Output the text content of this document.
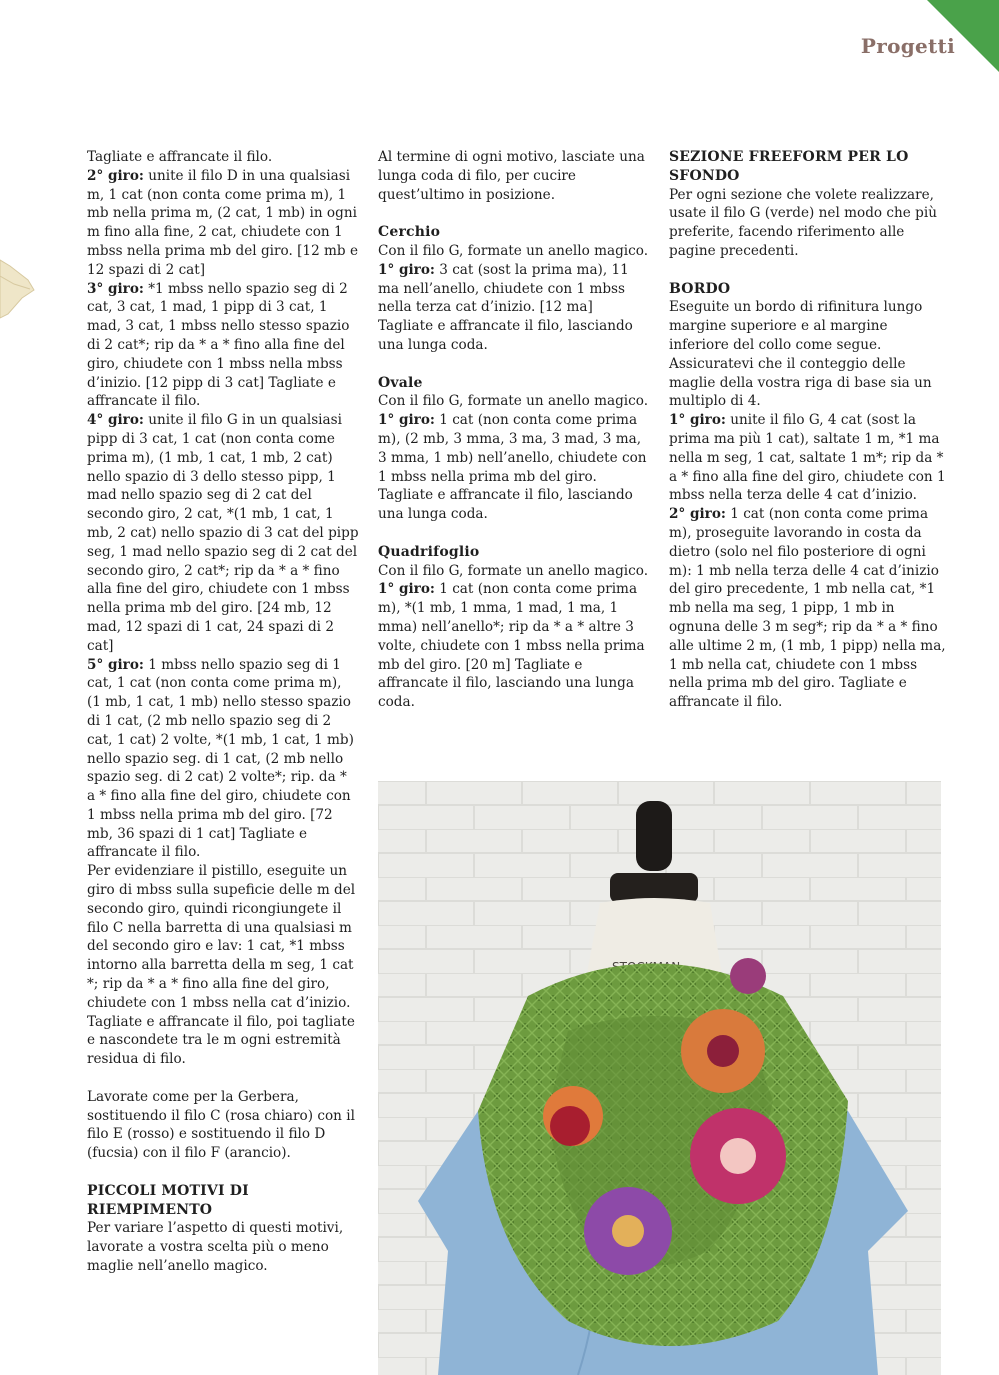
Progetti

Tagliate e affrancate il filo.

2° giro: unite il filo D in una qualsiasi m, 1 cat (non conta come prima m), 1 mb nella prima m, (2 cat, 1 mb) in ogni m fino alla fine, 2 cat, chiudete con 1 mbss nella prima mb del giro. [12 mb e 12 spazi di 2 cat]

3° giro: *1 mbss nello spazio seg di 2 cat, 3 cat, 1 mad, 1 pipp di 3 cat, 1 mad, 3 cat, 1 mbss nello stesso spazio di 2 cat*; rip da * a * fino alla fine del giro, chiudete con 1 mbss nella mbss d’inizio. [12 pipp di 3 cat] Tagliate e affrancate il filo.

4° giro: unite il filo G in un qualsiasi pipp di 3 cat, 1 cat (non conta come prima m), (1 mb, 1 cat, 1 mb, 2 cat) nello spazio di 3 dello stesso pipp, 1 mad nello spazio seg di 2 cat del secondo giro, 2 cat, *(1 mb, 1 cat, 1 mb, 2 cat) nello spazio di 3 cat del pipp seg, 1 mad nello spazio seg di 2 cat del secondo giro, 2 cat*; rip da * a * fino alla fine del giro, chiudete con 1 mbss nella prima mb del giro. [24 mb, 12 mad, 12 spazi di 1 cat, 24 spazi di 2 cat]

5° giro: 1 mbss nello spazio seg di 1 cat, 1 cat (non conta come prima m), (1 mb, 1 cat, 1 mb) nello stesso spazio di 1 cat, (2 mb nello spazio seg di 2 cat, 1 cat) 2 volte, *(1 mb, 1 cat, 1 mb) nello spazio seg. di 1 cat, (2 mb nello spazio seg. di 2 cat) 2 volte*; rip. da * a * fino alla fine del giro, chiudete con 1 mbss nella prima mb del giro. [72 mb, 36 spazi di 1 cat] Tagliate e affrancate il filo.

Per evidenziare il pistillo, eseguite un giro di mbss sulla supeficie delle m del secondo giro, quindi ricongiungete il filo C nella barretta di una qualsiasi m del secondo giro e lav: 1 cat, *1 mbss intorno alla barretta della m seg, 1 cat *; rip da * a * fino alla fine del giro, chiudete con 1 mbss nella cat d’inizio. Tagliate e affrancate il filo, poi tagliate e nascondete tra le m ogni estremità residua di filo.

Lavorate come per la Gerbera, sostituendo il filo C (rosa chiaro) con il filo E (rosso) e sostituendo il filo D (fucsia) con il filo F (arancio).

PICCOLI MOTIVI DI RIEMPIMENTO

Per variare l’aspetto di questi motivi, lavorate a vostra scelta più o meno maglie nell’anello magico.

Al termine di ogni motivo, lasciate una lunga coda di filo, per cucire quest’ultimo in posizione.

Cerchio

Con il filo G, formate un anello magico.

1° giro: 3 cat (sost la prima ma), 11 ma nell’anello, chiudete con 1 mbss nella terza cat d’inizio. [12 ma] Tagliate e affrancate il filo, lasciando una lunga coda.

Ovale

Con il filo G, formate un anello magico.

1° giro: 1 cat (non conta come prima m), (2 mb, 3 mma, 3 ma, 3 mad, 3 ma, 3 mma, 1 mb) nell’anello, chiudete con 1 mbss nella prima mb del giro. Tagliate e affrancate il filo, lasciando una lunga coda.

Quadrifoglio

Con il filo G, formate un anello magico.

1° giro: 1 cat (non conta come prima m), *(1 mb, 1 mma, 1 mad, 1 ma, 1 mma) nell’anello*; rip da * a * altre 3 volte, chiudete con 1 mbss nella prima mb del giro. [20 m] Tagliate e affrancate il filo, lasciando una lunga coda.

SEZIONE FREEFORM PER LO SFONDO

Per ogni sezione che volete realizzare, usate il filo G (verde) nel modo che più preferite, facendo riferimento alle pagine precedenti.

BORDO

Eseguite un bordo di rifinitura lungo margine superiore e al margine inferiore del collo come segue.

Assicuratevi che il conteggio delle maglie della vostra riga di base sia un multiplo di 4.

1° giro: unite il filo G, 4 cat (sost la prima ma più 1 cat), saltate 1 m, *1 ma nella m seg, 1 cat, saltate 1 m*; rip da * a * fino alla fine del giro, chiudete con 1 mbss nella terza delle 4 cat d’inizio.

2° giro: 1 cat (non conta come prima m), proseguite lavorando in costa da dietro (solo nel filo posteriore di ogni m): 1 mb nella terza delle 4 cat d’inizio del giro precedente, 1 mb nella cat, *1 mb nella ma seg, 1 pipp, 1 mb in ognuna delle 3 m seg*; rip da * a * fino alle ultime 2 m, (1 mb, 1 pipp) nella ma, 1 mb nella cat, chiudete con 1 mbss nella prima mb del giro. Tagliate e affrancate il filo.
